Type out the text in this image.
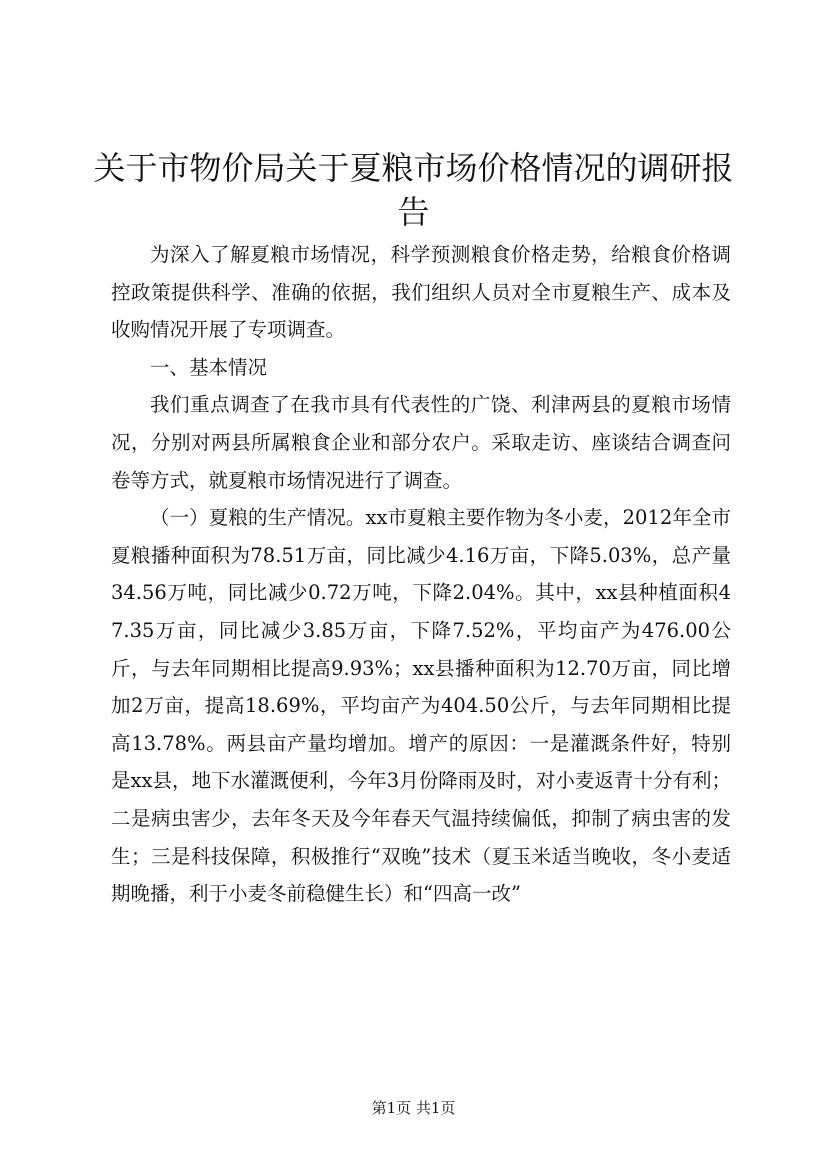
关于市物价局关于夏粮市场价格情况的调研报
告

为深入了解夏粮市场情况，科学预测粮食价格走势，给粮食价格调控政策提供科学、准确的依据，我们组织人员对全市夏粮生产、成本及收购情况开展了专项调查。

一、基本情况

我们重点调查了在我市具有代表性的广饶、利津两县的夏粮市场情况，分别对两县所属粮食企业和部分农户。采取走访、座谈结合调查问卷等方式，就夏粮市场情况进行了调查。

（一）夏粮的生产情况。xx市夏粮主要作物为冬小麦，2012年全市夏粮播种面积为78.51万亩，同比减少4.16万亩，下降5.03%，总产量34.56万吨，同比减少0.72万吨，下降2.04%。其中，xx县种植面积47.35万亩，同比减少3.85万亩，下降7.52%，平均亩产为476.00公斤，与去年同期相比提高9.93%；xx县播种面积为12.70万亩，同比增加2万亩，提高18.69%，平均亩产为404.50公斤，与去年同期相比提高13.78%。两县亩产量均增加。增产的原因：一是灌溉条件好，特别是xx县，地下水灌溉便利，今年3月份降雨及时，对小麦返青十分有利；二是病虫害少，去年冬天及今年春天气温持续偏低，抑制了病虫害的发生；三是科技保障，积极推行“双晚”技术（夏玉米适当晚收，冬小麦适期晚播，利于小麦冬前稳健生长）和“四高一改”

第1页 共1页
